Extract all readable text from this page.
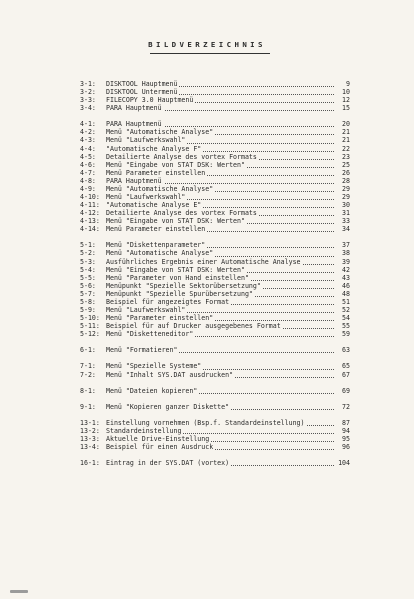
BILDVERZEICHNIS
3-1:	DISKTOOL Hauptmenü	9
3-2:	DISKTOOL Untermenü	10
3-3:	FILECOPY 3.0 Hauptmenü	12
3-4:	PARA Hauptmenü	15
4-1:	PARA Hauptmenü	20
4-2:	Menü "Automatische Analyse"	21
4-3:	Menü "Laufwerkswahl"	21
4-4:	"Automatische Analyse F"	22
4-5:	Detailierte Analyse des vortex Formats	23
4-6:	Menü "Eingabe von STAT DSK: Werten"	25
4-7:	Menü Parameter einstellen	26
4-8:	PARA Hauptmenü	28
4-9:	Menü "Automatische Analyse"	29
4-10: Menü "Laufwerkswahl"	29
4-11: "Automatische Analyse E"	30
4-12: Detailierte Analyse des vortex Formats	31
4-13: Menü "Eingabe von STAT DSK: Werten"	33
4-14: Menü Parameter einstellen	34
5-1:	Menü "Diskettenparameter"	37
5-2:	Menü "Automatische Analyse"	38
5-3:	Ausführliches Ergebnis einer Automatische Analyse	39
5-4:	Menü "Eingabe von STAT DSK: Werten"	42
5-5:	Menü "Parameter von Hand einstellen"	43
5-6:	Menüpunkt "Spezielle Sektorübersetzung"	46
5-7:	Menüpunkt "Spezielle Spurübersetzung"	48
5-8:	Beispiel für angezeigtes Format	51
5-9:	Menü "Laufwerkswahl"	52
5-10: Menü "Parameter einstellen"	54
5-11: Beispiel für auf Drucker ausgegebenes Format	55
5-12: Menü "Disketteneditor"	59
6-1:	Menü "Formatieren"	63
7-1:	Menü "Spezielle Systeme"	65
7-2:	Menü "Inhalt SYS.DAT ausdrucken"	67
8-1:	Menü "Dateien kopieren"	69
9-1:	Menü "Kopieren ganzer Diskette"	72
13-1: Einstellung vornehmen (Bsp.f. Standardeinstellung)	87
13-2: Standardeinstellung	94
13-3: Aktuelle Drive-Einstellung	95
13-4: Beispiel für einen Ausdruck	96
16-1: Eintrag in der SYS.DAT (vortex)	104
